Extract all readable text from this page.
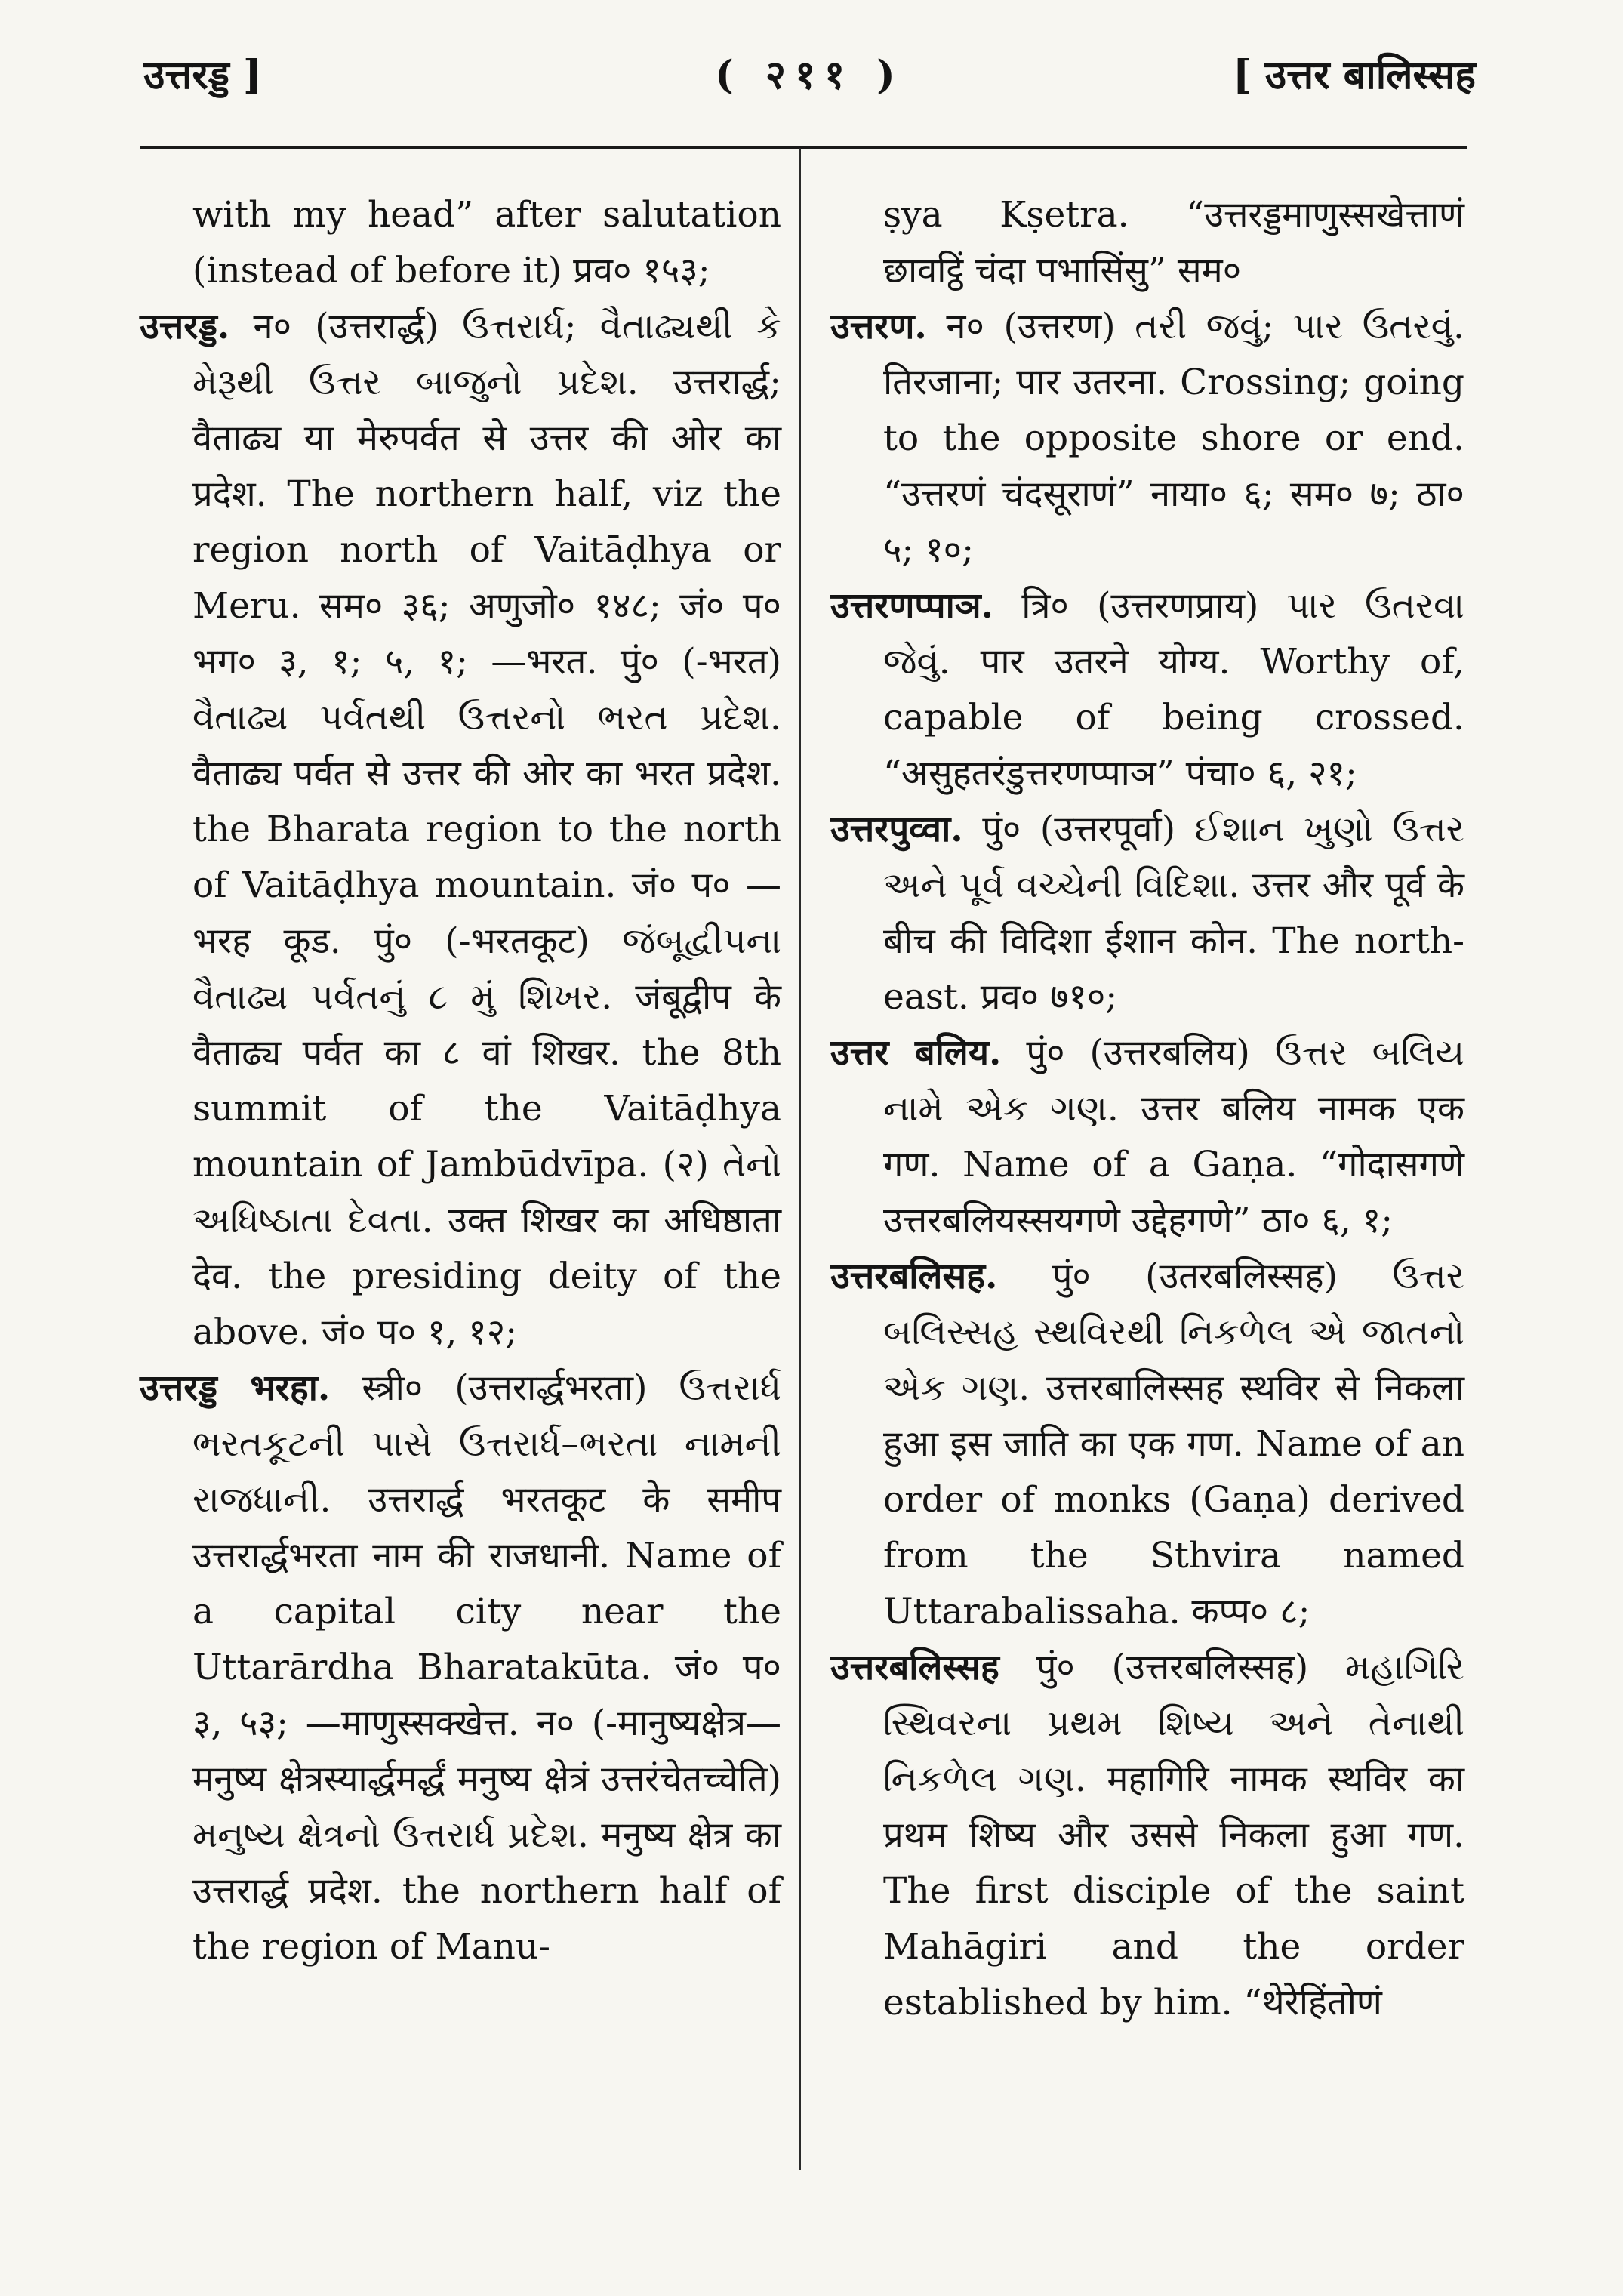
उत्तरड्ड ]	( २११ )	[ उत्तर बालिस्सह

with my head” after salutation (instead of before it) प्रव० १५३;

उत्तरड्ड. न० (उत्तरार्द्ध) ઉત્તરાર્ધ; વૈતાઢ્યથી કે મેરૂથી ઉત્તર બાજુનો પ્રદેશ. उत्तरार्द्ध; वैताढ्य या मेरुपर्वत से उत्तर की ओर का प्रदेश. The northern half, viz the region north of Vaitāḍhya or Meru. सम० ३६; अणुजो० १४८; जं० प० भग० ३, १; ५, १; —भरत. पुं० (-भरत) વૈતાઢ્ય પર્વતથી ઉત્તરનો ભરત પ્રદેશ. वैताढ्य पर्वत से उत्तर की ओर का भरत प्रदेश. the Bharata region to the north of Vaitāḍhya mountain. जं० प० —भरह कूड. पुं० (-भरतकूट) જંબૂદ્વીપના વૈતાઢ્ય પર્વતનું ૮ મું શિખર. जंबूद्वीप के वैताढ्य पर्वत का ८ वां शिखर. the 8th summit of the Vaitāḍhya mountain of Jambūdvīpa. (२) તેનો અધિષ્ઠાતા દેવતા. उक्त शिखर का अधिष्ठाता देव. the presiding deity of the above. जं० प० १, १२;

उत्तरड्ड भरहा. स्त्री० (उत्तरार्द्धभरता) ઉત્તરાર્ધ ભરતકૂટની પાસે ઉત્તરાર્ધ–ભરતા નામની રાજધાની. उत्तरार्द्ध भरतकूट के समीप उत्तरार्द्धभरता नाम की राजधानी. Name of a capital city near the Uttarārdha Bharatakūta. जं० प० ३, ५३; —माणुस्सक्खेत्त. न० (-मानुष्यक्षेत्र—मनुष्य क्षेत्रस्यार्द्धमर्द्धं मनुष्य क्षेत्रं उत्तरंचेतच्चेति) મનુષ્ય ક્ષેત્રનો ઉત્તરાર્ધ પ્રદેશ. मनुष्य क्षेत्र का उत्तरार्द्ध प्रदेश. the northern half of the region of Manu-

ṣya Kṣetra. “उत्तरड्डमाणुस्सखेत्ताणं छावट्ठिं चंदा पभासिंसु” सम०

उत्तरण. न० (उत्तरण) તરી જવું; પાર ઉતરવું. तिरजाना; पार उतरना. Crossing; going to the opposite shore or end. “उत्तरणं चंदसूराणं” नाया० ६; सम० ७; ठा० ५; १०;

उत्तरणप्पाञ. त्रि० (उत्तरणप्राय) પાર ઉતરવા જેવું. पार उतरने योग्य. Worthy of, capable of being crossed. “असुहतरंडुत्तरणप्पाञ” पंचा० ६, २१;

उत्तरपुव्वा. पुं० (उत्तरपूर्वा) ઈશાન ખુણો ઉત્તર અને પૂર્વ વચ્ચેની વિદિશા. उत्तर और पूर्व के बीच की विदिशा ईशान कोन. The north-east. प्रव० ७१०;

उत्तर बलिय. पुं० (उत्तरबलिय) ઉત્તર બલિય નામે એક ગણ. उत्तर बलिय नामक एक गण. Name of a Gaṇa. “गोदासगणे उत्तरबलियस्सयगणे उद्देहगणे” ठा० ६, १;

उत्तरबलिसह. पुं० (उतरबलिस्सह) ઉત્તર બલિસ્સહ સ્થવિરથી નિકળેલ એ જાતનો એક ગણ. उत्तरबालिस्सह स्थविर से निकला हुआ इस जाति का एक गण. Name of an order of monks (Gaṇa) derived from the Sthvira named Uttarabalissaha. कप्प० ८;

उत्तरबलिस्सह पुं० (उत्तरबलिस्सह) મહાગિરિ સ્થિવરના પ્રથમ શિષ્ય અને તેનાથી નિકળેલ ગણ. महागिरि नामक स्थविर का प्रथम शिष्य और उससे निकला हुआ गण. The first disciple of the saint Mahāgiri and the order established by him. “थेरेहिंतोणं
